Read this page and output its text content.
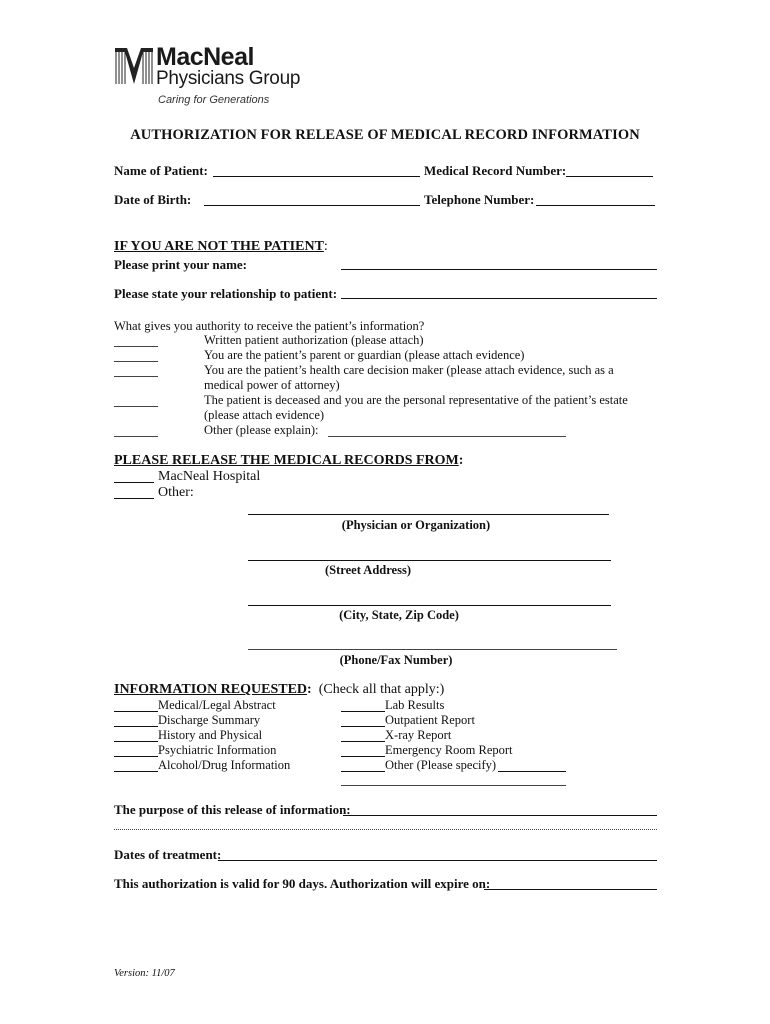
MacNeal
Physicians Group
Caring for Generations
AUTHORIZATION FOR RELEASE OF MEDICAL RECORD INFORMATION
Name of Patient:	Medical Record Number:
Date of Birth:	Telephone Number:
IF YOU ARE NOT THE PATIENT:
Please print your name:
Please state your relationship to patient:
What gives you authority to receive the patient’s information?
Written patient authorization (please attach)
You are the patient’s parent or guardian (please attach evidence)
You are the patient’s health care decision maker (please attach evidence, such as a
medical power of attorney)
The patient is deceased and you are the personal representative of the patient’s estate
(please attach evidence)
Other (please explain):
PLEASE RELEASE THE MEDICAL RECORDS FROM:
MacNeal Hospital
Other:
(Physician or Organization)
(Street Address)
(City, State, Zip Code)
(Phone/Fax Number)
INFORMATION REQUESTED: (Check all that apply:)
Medical/Legal Abstract
Discharge Summary
History and Physical
Psychiatric Information
Alcohol/Drug Information
Lab Results
Outpatient Report
X-ray Report
Emergency Room Report
Other (Please specify)
The purpose of this release of information:
Dates of treatment:
This authorization is valid for 90 days. Authorization will expire on:
Version: 11/07
